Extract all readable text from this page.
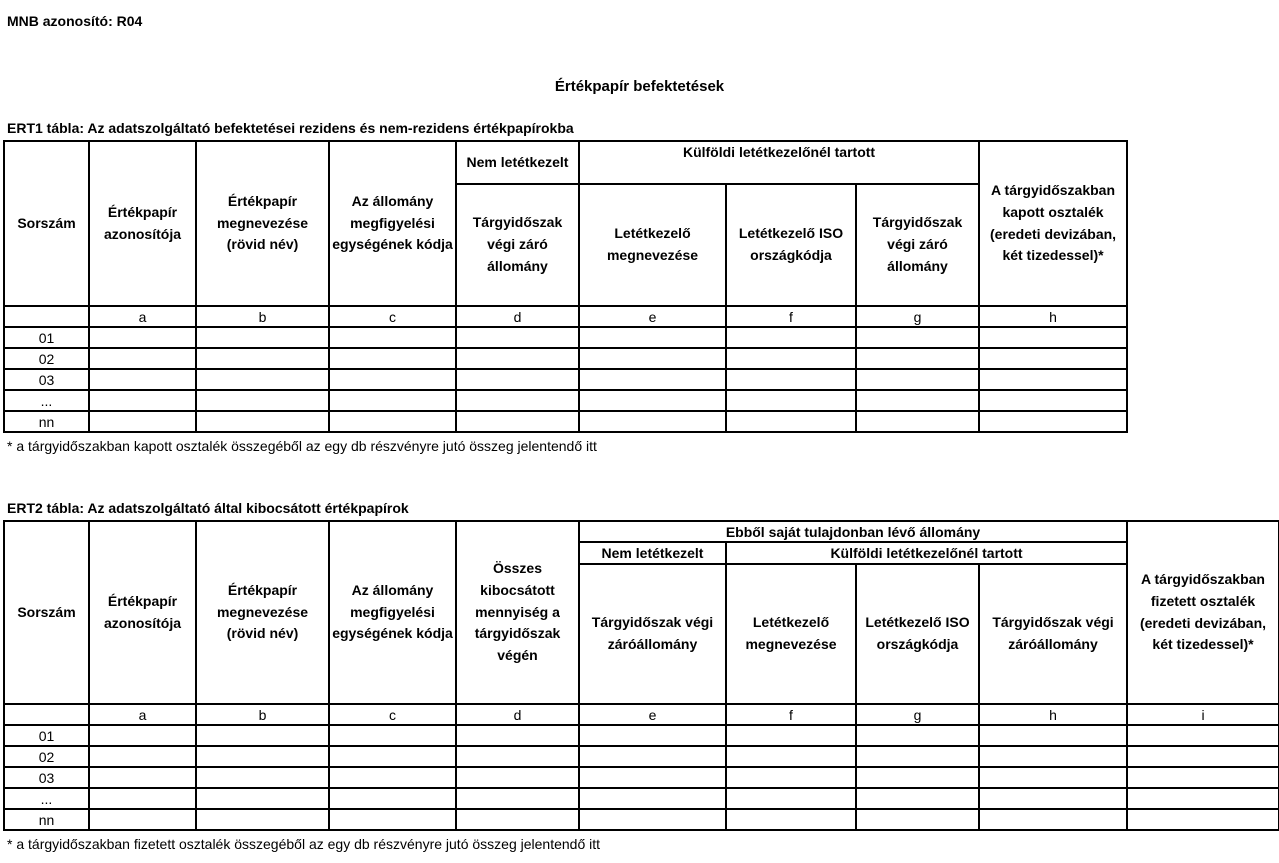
MNB azonosító: R04
Értékpapír befektetések
ERT1 tábla: Az adatszolgáltató befektetései rezidens és nem-rezidens értékpapírokba
Sorszám	Értékpapír azonosítója	Értékpapír megnevezése (rövid név)	Az állomány megfigyelési egységének kódja	Nem letétkezelt	Külföldi letétkezelőnél tartott			A tárgyidőszakban kapott osztalék (eredeti devizában, két tizedessel)*
				Tárgyidőszak végi záró állomány	Letétkezelő megnevezése	Letétkezelő ISO országkódja	Tárgyidőszak végi záró állomány	
	a	b	c	d	e	f	g	h
01								
02								
03								
...								
nn								
* a tárgyidőszakban kapott osztalék összegéből az egy db részvényre jutó összeg jelentendő itt
ERT2 tábla: Az adatszolgáltató által kibocsátott értékpapírok
Sorszám	Értékpapír azonosítója	Értékpapír megnevezése (rövid név)	Az állomány megfigyelési egységének kódja	Összes kibocsátott mennyiség a tárgyidőszak végén	Ebből saját tulajdonban lévő állomány				A tárgyidőszakban fizetett osztalék (eredeti devizában, két tizedessel)*
					Nem letétkezelt	Külföldi letétkezelőnél tartott			
					Tárgyidőszak végi záróállomány	Letétkezelő megnevezése	Letétkezelő ISO országkódja	Tárgyidőszak végi záróállomány	
	a	b	c	d	e	f	g	h	i
01									
02									
03									
...									
nn									
* a tárgyidőszakban fizetett osztalék összegéből az egy db részvényre jutó összeg jelentendő itt
